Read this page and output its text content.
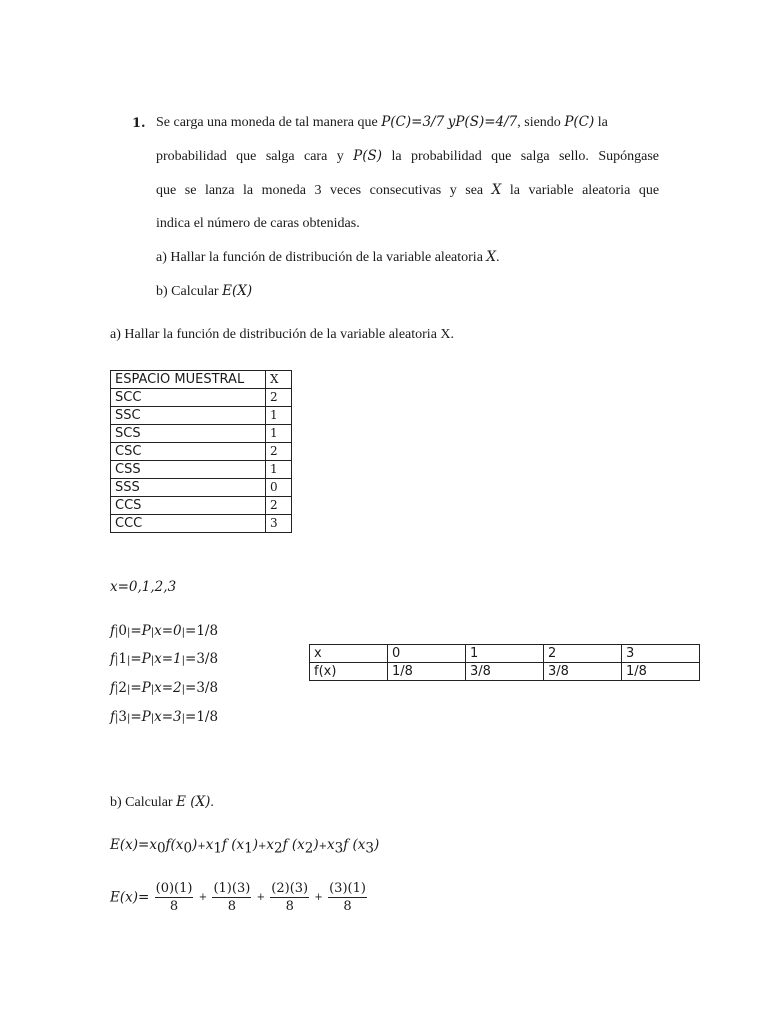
1. Se carga una moneda de tal manera que P(C)=3/7 yP(S)=4/7, siendo P(C) la
probabilidad que salga cara y P(S) la probabilidad que salga sello. Supóngase
que se lanza la moneda 3 veces consecutivas y sea X la variable aleatoria que
indica el número de caras obtenidas.
a) Hallar la función de distribución de la variable aleatoria X.
b) Calcular E(X)
a) Hallar la función de distribución de la variable aleatoria X.
ESPACIO MUESTRAL	X
SCC	2
SSC	1
SCS	1
CSC	2
CSS	1
SSS	0
CCS	2
CCC	3
x=0,1,2,3
f|0|=P|x=0|=1/8
f|1|=P|x=1|=3/8
f|2|=P|x=2|=3/8
f|3|=P|x=3|=1/8
x	0	1	2	3
f(x)	1/8	3/8	3/8	1/8
b) Calcular E (X).
$E(x)=x_0f(x_0)+x_1f$ $(x_1)+x_2f$ $(x_2)+x_3f$ $(x_3)$
$E(x)= \frac{(0)(1)}{8} + \frac{(1)(3)}{8} + \frac{(2)(3)}{8} + \frac{(3)(1)}{8}$
